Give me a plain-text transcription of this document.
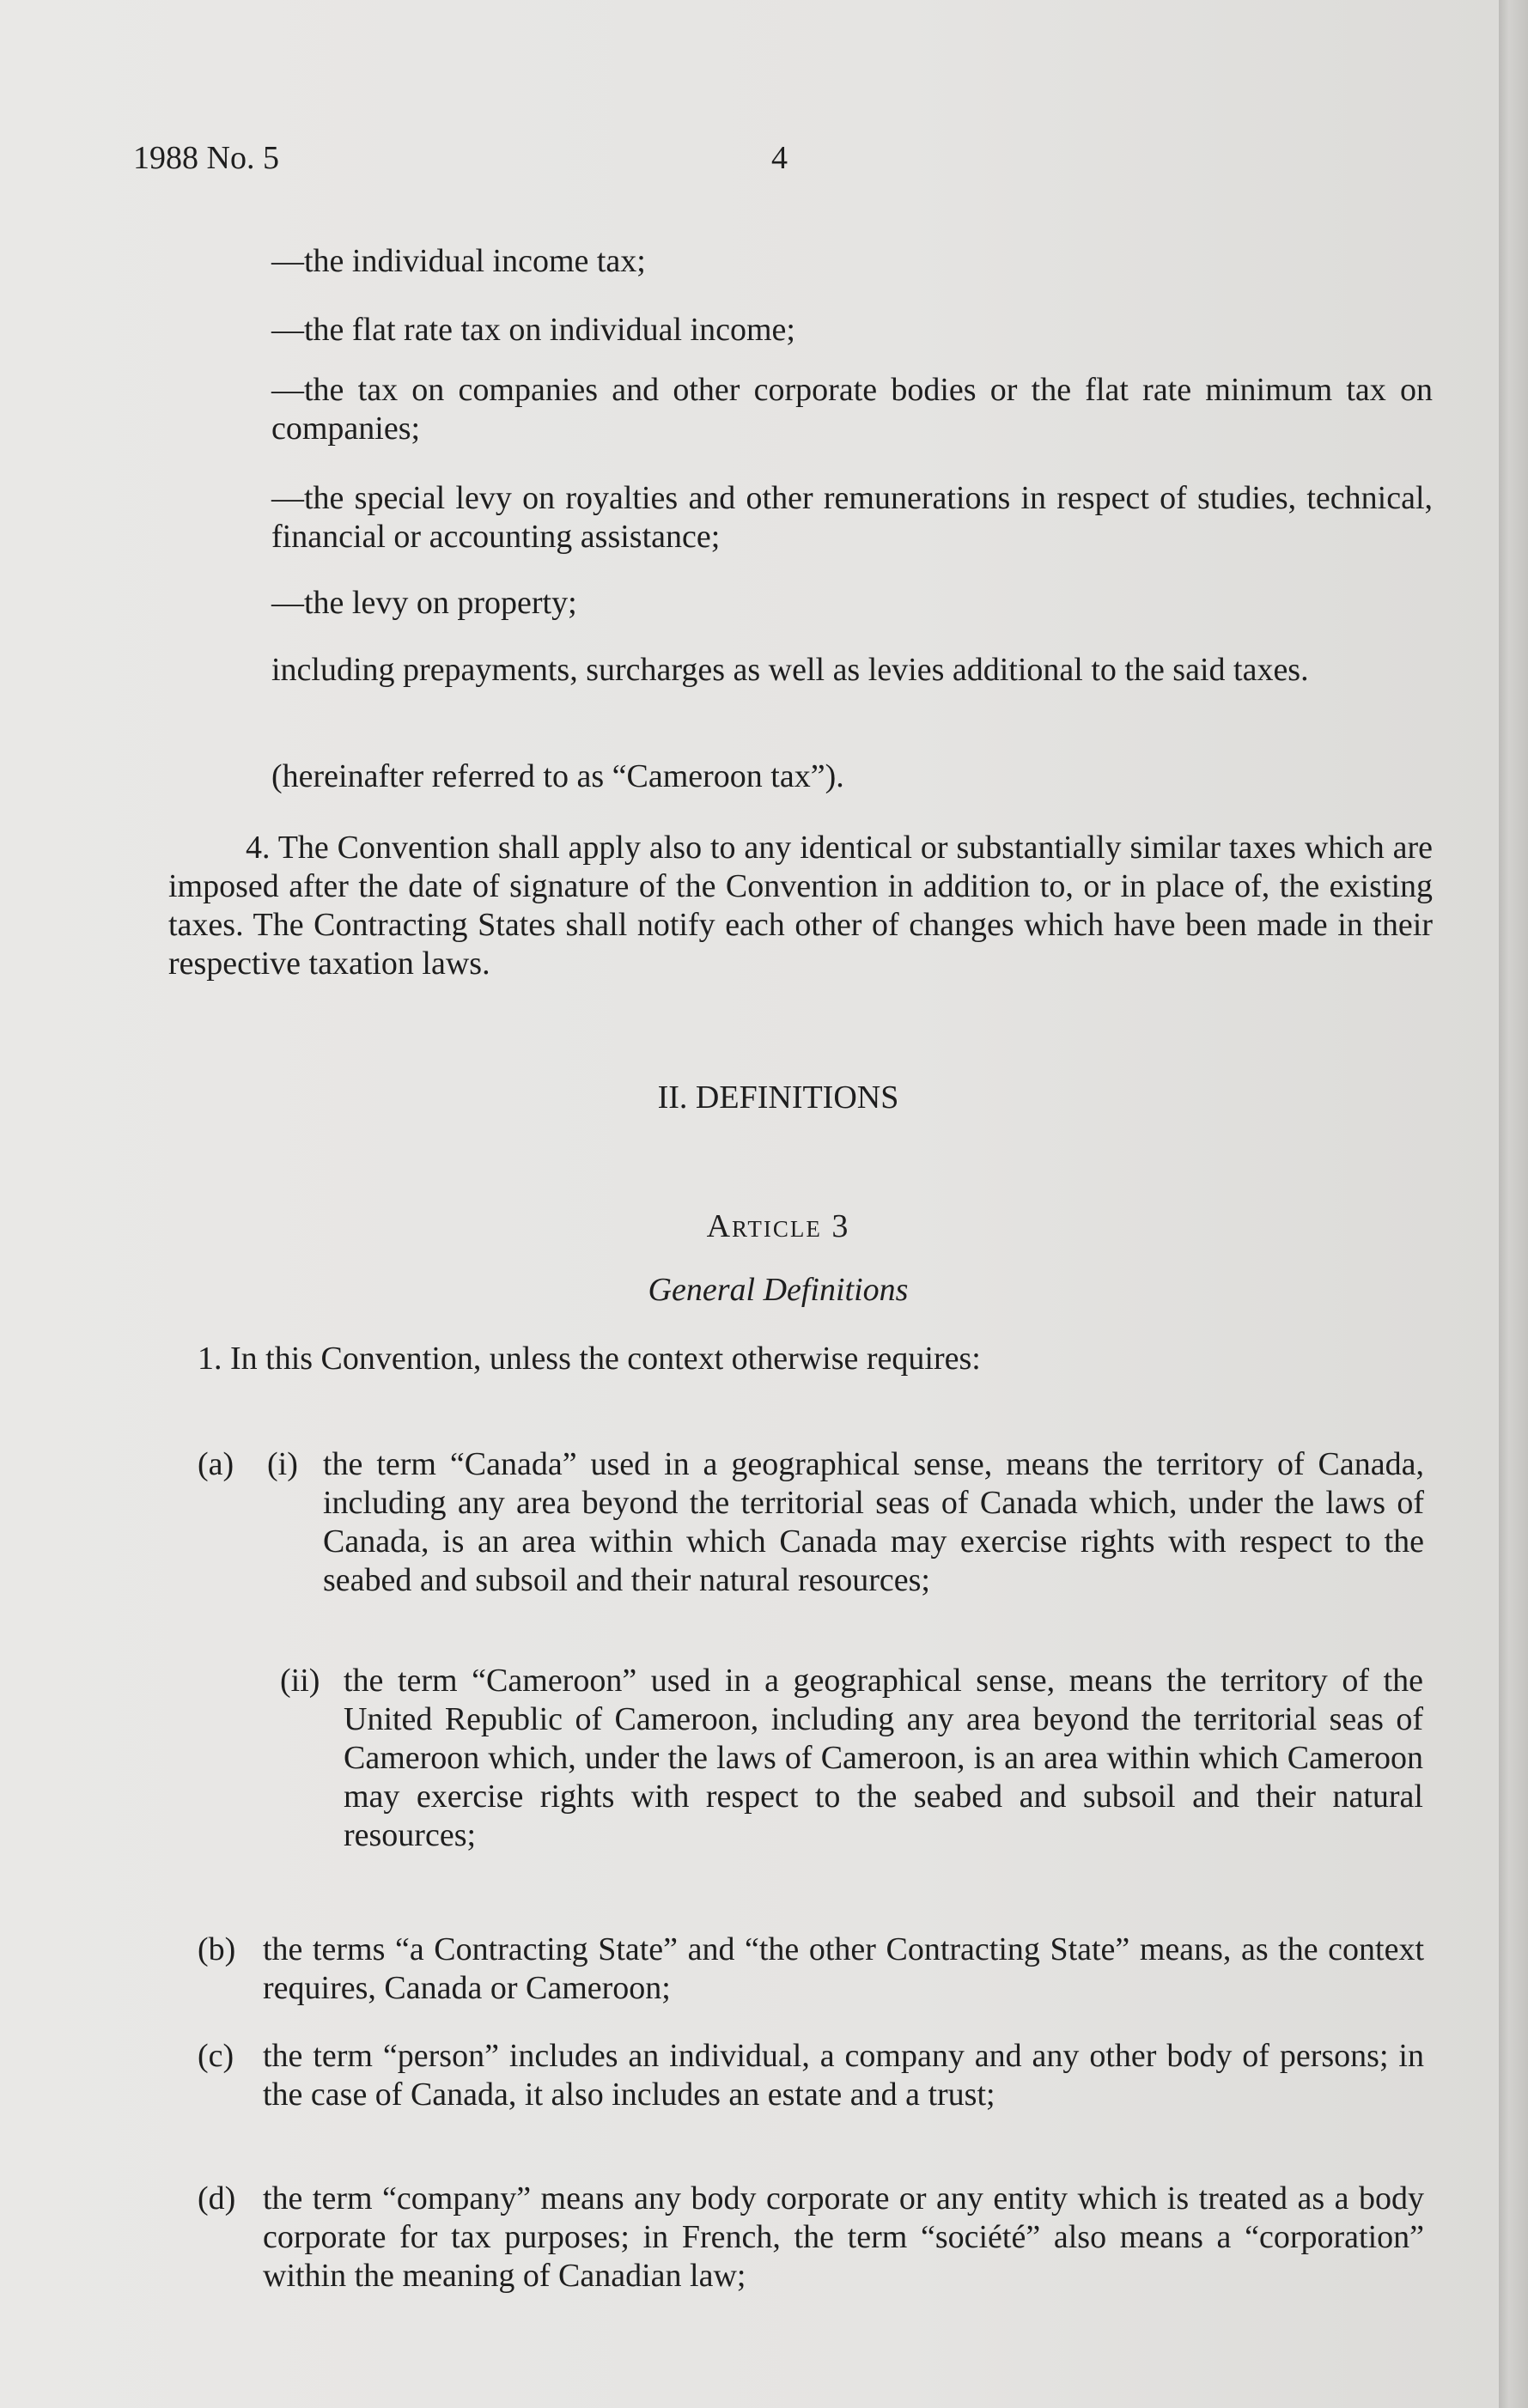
1988 No. 5	4

—the individual income tax;

—the flat rate tax on individual income;

—the tax on companies and other corporate bodies or the flat rate minimum tax on companies;

—the special levy on royalties and other remunerations in respect of studies, technical, financial or accounting assistance;

—the levy on property;

including prepayments, surcharges as well as levies additional to the said taxes.

(hereinafter referred to as “Cameroon tax”).

4. The Convention shall apply also to any identical or substantially similar taxes which are imposed after the date of signature of the Convention in addition to, or in place of, the existing taxes. The Contracting States shall notify each other of changes which have been made in their respective taxation laws.

II. DEFINITIONS
Article 3
General Definitions

1. In this Convention, unless the context otherwise requires:

(a) (i) the term “Canada” used in a geographical sense, means the territory of Canada, including any area beyond the territorial seas of Canada which, under the laws of Canada, is an area within which Canada may exercise rights with respect to the seabed and subsoil and their natural resources;

(ii) the term “Cameroon” used in a geographical sense, means the territory of the United Republic of Cameroon, including any area beyond the territorial seas of Cameroon which, under the laws of Cameroon, is an area within which Cameroon may exercise rights with respect to the seabed and subsoil and their natural resources;

(b) the terms “a Contracting State” and “the other Contracting State” means, as the context requires, Canada or Cameroon;

(c) the term “person” includes an individual, a company and any other body of persons; in the case of Canada, it also includes an estate and a trust;

(d) the term “company” means any body corporate or any entity which is treated as a body corporate for tax purposes; in French, the term “société” also means a “corporation” within the meaning of Canadian law;
